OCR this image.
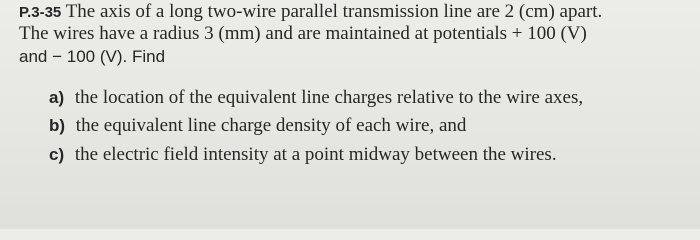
P.3-35 The axis of a long two-wire parallel transmission line are 2 (cm) apart.
The wires have a radius 3 (mm) and are maintained at potentials + 100 (V)
and − 100 (V). Find
a) the location of the equivalent line charges relative to the wire axes,
b) the equivalent line charge density of each wire, and
c) the electric field intensity at a point midway between the wires.
